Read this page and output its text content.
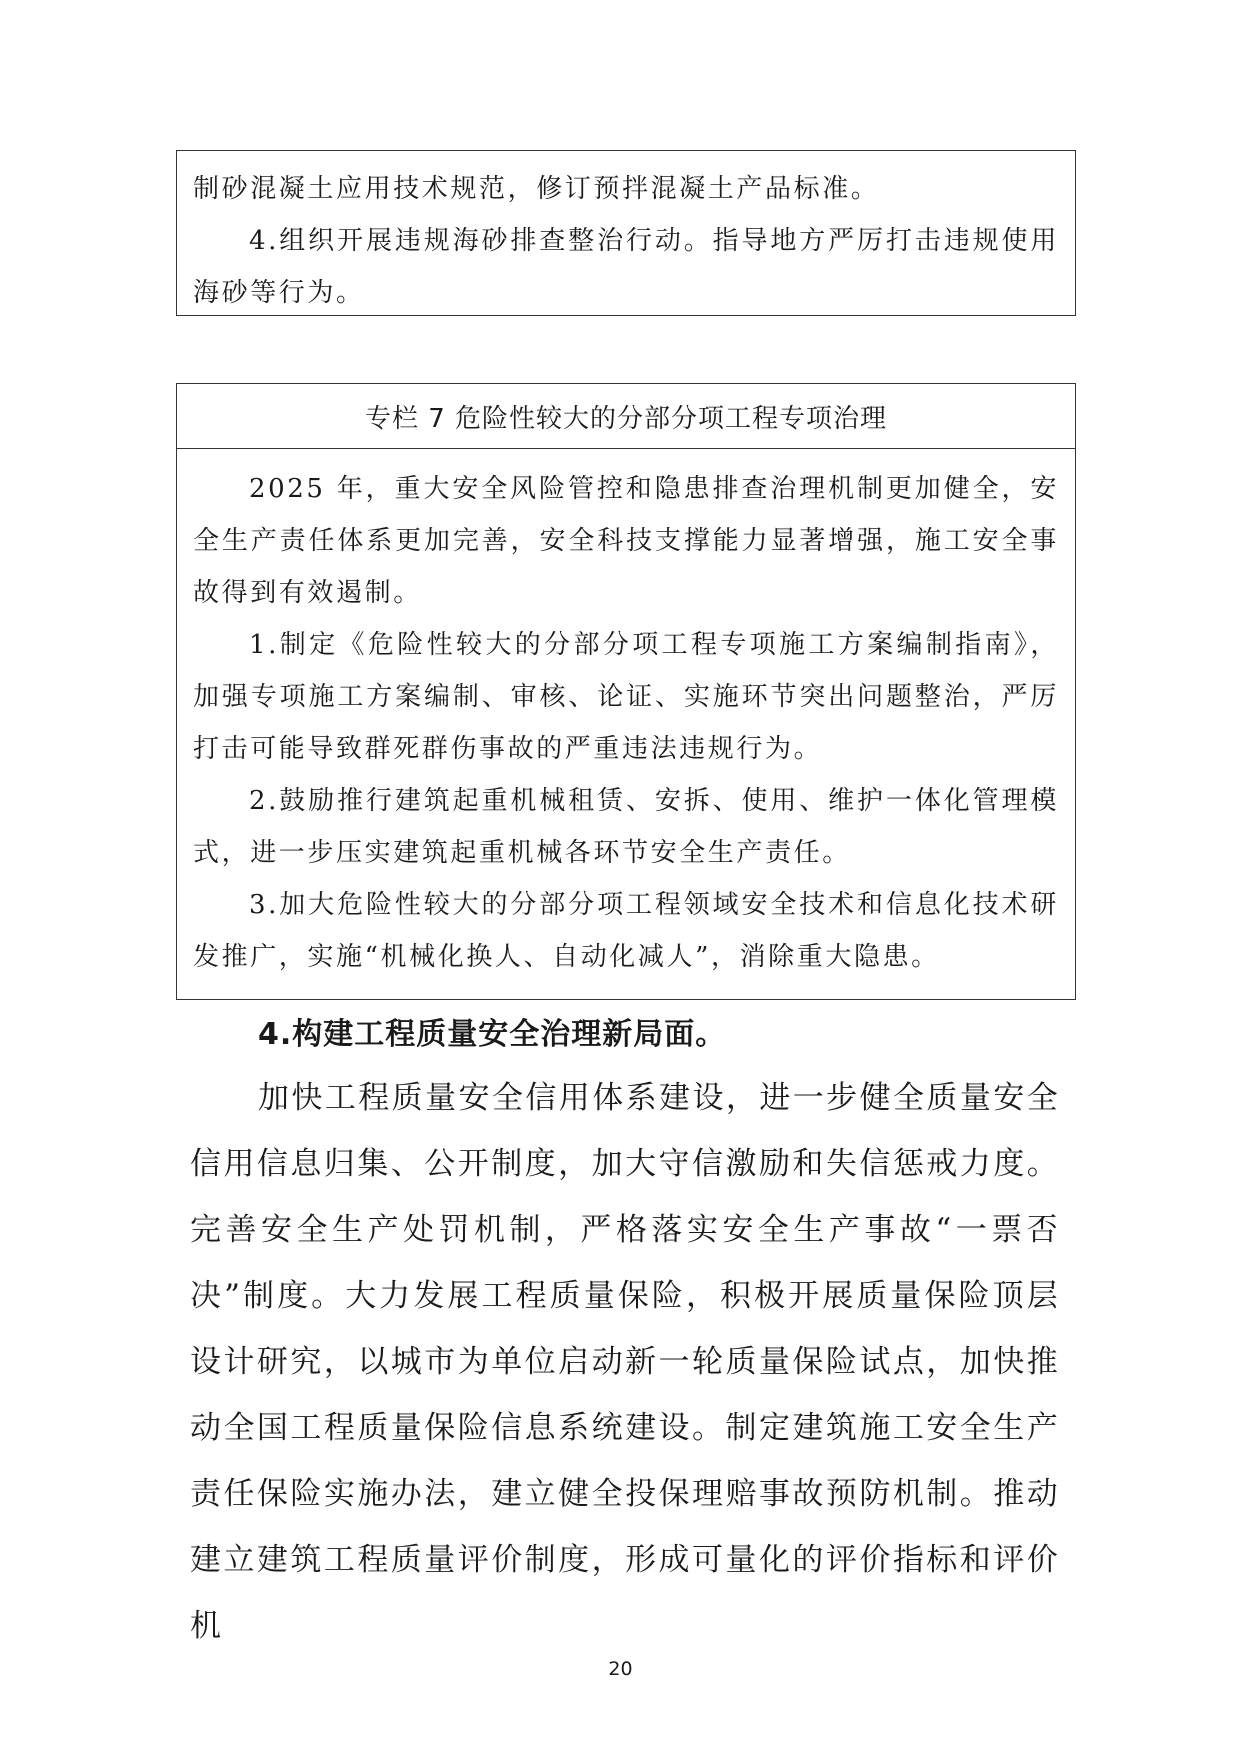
制砂混凝土应用技术规范，修订预拌混凝土产品标准。

4.组织开展违规海砂排查整治行动。指导地方严厉打击违规使用海砂等行为。

专栏 7 危险性较大的分部分项工程专项治理

2025 年，重大安全风险管控和隐患排查治理机制更加健全，安全生产责任体系更加完善，安全科技支撑能力显著增强，施工安全事故得到有效遏制。

1.制定《危险性较大的分部分项工程专项施工方案编制指南》，加强专项施工方案编制、审核、论证、实施环节突出问题整治，严厉打击可能导致群死群伤事故的严重违法违规行为。

2.鼓励推行建筑起重机械租赁、安拆、使用、维护一体化管理模式，进一步压实建筑起重机械各环节安全生产责任。

3.加大危险性较大的分部分项工程领域安全技术和信息化技术研发推广，实施“机械化换人、自动化减人”，消除重大隐患。

4.构建工程质量安全治理新局面。

加快工程质量安全信用体系建设，进一步健全质量安全信用信息归集、公开制度，加大守信激励和失信惩戒力度。完善安全生产处罚机制，严格落实安全生产事故“一票否决”制度。大力发展工程质量保险，积极开展质量保险顶层设计研究，以城市为单位启动新一轮质量保险试点，加快推动全国工程质量保险信息系统建设。制定建筑施工安全生产责任保险实施办法，建立健全投保理赔事故预防机制。推动建立建筑工程质量评价制度，形成可量化的评价指标和评价机

20
